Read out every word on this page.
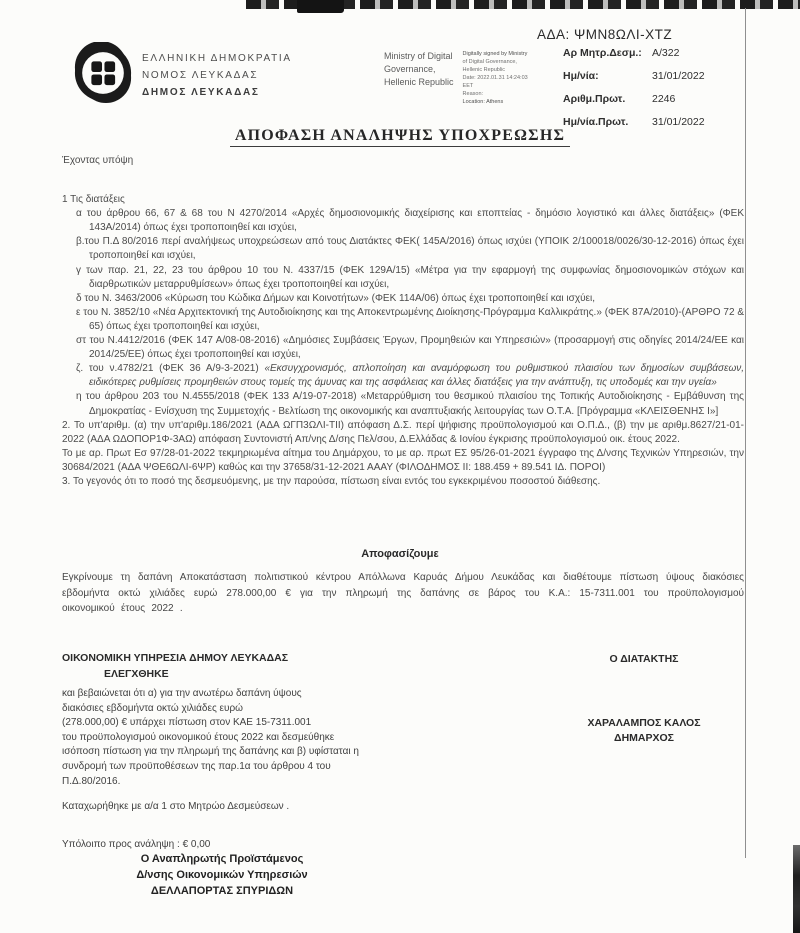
ΕΛΛΗΝΙΚΗ ΔΗΜΟΚΡΑΤΙΑ
ΝΟΜΟΣ ΛΕΥΚΑΔΑΣ
ΔΗΜΟΣ ΛΕΥΚΑΔΑΣ
Ministry of Digital
Governance,
Hellenic Republic
Digitally signed by Ministry
of Digital Governance,
Hellenic Republic
Date: 2022.01.31 14:24:03
EET
Reason:
Location: Athens
ΑΔΑ: ΨΜΝ8ΩΛΙ-ΧΤΖ
Αρ Μητρ.Δεσμ.: Α/322
Ημ/νία:	31/01/2022
Αριθμ.Πρωτ.	2246
Ημ/νία.Πρωτ.	31/01/2022
ΑΠΟΦΑΣΗ ΑΝΑΛΗΨΗΣ ΥΠΟΧΡΕΩΣΗΣ

Έχοντας υπόψη

1 Τις διατάξεις

α του άρθρου 66, 67 & 68 του Ν 4270/2014 «Αρχές δημοσιονομικής διαχείρισης και εποπτείας - δημόσιο λογιστικό και άλλες διατάξεις» (ΦΕΚ 143Α/2014) όπως έχει τροποποιηθεί και ισχύει,

β.του Π.Δ 80/2016 περί αναλήψεως υποχρεώσεων από τους Διατάκτες ΦΕΚ( 145Α/2016) όπως ισχύει (ΥΠΟΙΚ 2/100018/0026/30-12-2016) όπως έχει τροποποιηθεί και ισχύει,

γ των παρ. 21, 22, 23 του άρθρου 10 του Ν. 4337/15 (ΦΕΚ 129Α/15) «Μέτρα για την εφαρμογή της συμφωνίας δημοσιονομικών στόχων και διαρθρωτικών μεταρρυθμίσεων» όπως έχει τροποποιηθεί και ισχύει,

δ του Ν. 3463/2006 «Κύρωση του Κώδικα Δήμων και Κοινοτήτων» (ΦΕΚ 114Α/06) όπως έχει τροποποιηθεί και ισχύει,

ε του Ν. 3852/10 «Νέα Αρχιτεκτονική της Αυτοδιοίκησης και της Αποκεντρωμένης Διοίκησης-Πρόγραμμα Καλλικράτης.» (ΦΕΚ 87Α/2010)-(ΑΡΘΡΟ 72 & 65) όπως έχει τροποποιηθεί και ισχύει,

στ του Ν.4412/2016 (ΦΕΚ 147 Α/08-08-2016) «Δημόσιες Συμβάσεις Έργων, Προμηθειών και Υπηρεσιών» (προσαρμογή στις οδηγίες 2014/24/ΕΕ και 2014/25/ΕΕ) όπως έχει τροποποιηθεί και ισχύει,

ζ. του ν.4782/21 (ΦΕΚ 36 Α/9-3-2021) «Εκσυγχρονισμός, απλοποίηση και αναμόρφωση του ρυθμιστικού πλαισίου των δημοσίων συμβάσεων, ειδικότερες ρυθμίσεις προμηθειών στους τομείς της άμυνας και της ασφάλειας και άλλες διατάξεις για την ανάπτυξη, τις υποδομές και την υγεία»

η του άρθρου 203 του Ν.4555/2018 (ΦΕΚ 133 Α/19-07-2018) «Μεταρρύθμιση του θεσμικού πλαισίου της Τοπικής Αυτοδιοίκησης - Εμβάθυνση της Δημοκρατίας - Ενίσχυση της Συμμετοχής - Βελτίωση της οικονομικής και αναπτυξιακής λειτουργίας των Ο.Τ.Α. [Πρόγραμμα «ΚΛΕΙΣΘΕΝΗΣ Ι»]

2. Το υπ'αριθμ. (α) την υπ'αριθμ.186/2021 (ΑΔΑ ΩΓΠ3ΩΛΙ-ΤΙΙ) απόφαση Δ.Σ. περί ψήφισης προϋπολογισμού και Ο.Π.Δ., (β) την με αριθμ.8627/21-01-2022 (ΑΔΑ ΩΔΟΠΟΡ1Φ-3ΑΩ) απόφαση Συντονιστή Απ/νης Δ/σης Πελ/σου, Δ.Ελλάδας & Ιονίου έγκρισης προϋπολογισμού οικ. έτους 2022.

Το με αρ. Πρωτ Εσ 97/28-01-2022 τεκμηριωμένα αίτημα του Δημάρχου, το με αρ. πρωτ ΕΣ 95/26-01-2021 έγγραφο της Δ/νσης Τεχνικών Υπηρεσιών, την 30684/2021 (ΑΔΑ ΨΘΕ6ΩΛΙ-6ΨΡ) καθώς και την 37658/31-12-2021 ΑΑΑΥ (ΦΙΛΟΔΗΜΟΣ ΙΙ: 188.459 + 89.541 ΙΔ. ΠΟΡΟΙ)

3. Το γεγονός ότι το ποσό της δεσμευόμενης, με την παρούσα, πίστωση είναι εντός του εγκεκριμένου ποσοστού διάθεσης.

Αποφασίζουμε
Εγκρίνουμε τη δαπάνη Αποκατάσταση πολιτιστικού κέντρου Απόλλωνα Καρυάς Δήμου Λευκάδας και διαθέτουμε πίστωση ύψους διακόσιες εβδομήντα οκτώ χιλιάδες ευρώ 278.000,00 € για την πληρωμή της δαπάνης σε βάρος του Κ.Α.: 15-7311.001 του προϋπολογισμού οικονομικού έτους 2022 .
ΟΙΚΟΝΟΜΙΚΗ ΥΠΗΡΕΣΙΑ ΔΗΜΟΥ ΛΕΥΚΑΔΑΣ
ΕΛΕΓΧΘΗΚΕ
και βεβαιώνεται ότι α) για την ανωτέρω δαπάνη ύψους
διακόσιες εβδομήντα οκτώ χιλιάδες ευρώ
(278.000,00) € υπάρχει πίστωση στον ΚΑΕ 15-7311.001
του προϋπολογισμού οικονομικού έτους 2022 και δεσμεύθηκε
ισόποση πίστωση για την πληρωμή της δαπάνης και β) υφίσταται η
συνδρομή των προϋποθέσεων της παρ.1α του άρθρου 4 του
Π.Δ.80/2016.
Καταχωρήθηκε με α/α 1 στο Μητρώο Δεσμεύσεων .
Υπόλοιπο προς ανάληψη : € 0,00
Ο ΔΙΑΤΑΚΤΗΣ
ΧΑΡΑΛΑΜΠΟΣ ΚΑΛΟΣ
ΔΗΜΑΡΧΟΣ
Ο Αναπληρωτής Προϊστάμενος
Δ/νσης Οικονομικών Υπηρεσιών
ΔΕΛΛΑΠΟΡΤΑΣ ΣΠΥΡΙΔΩΝ
